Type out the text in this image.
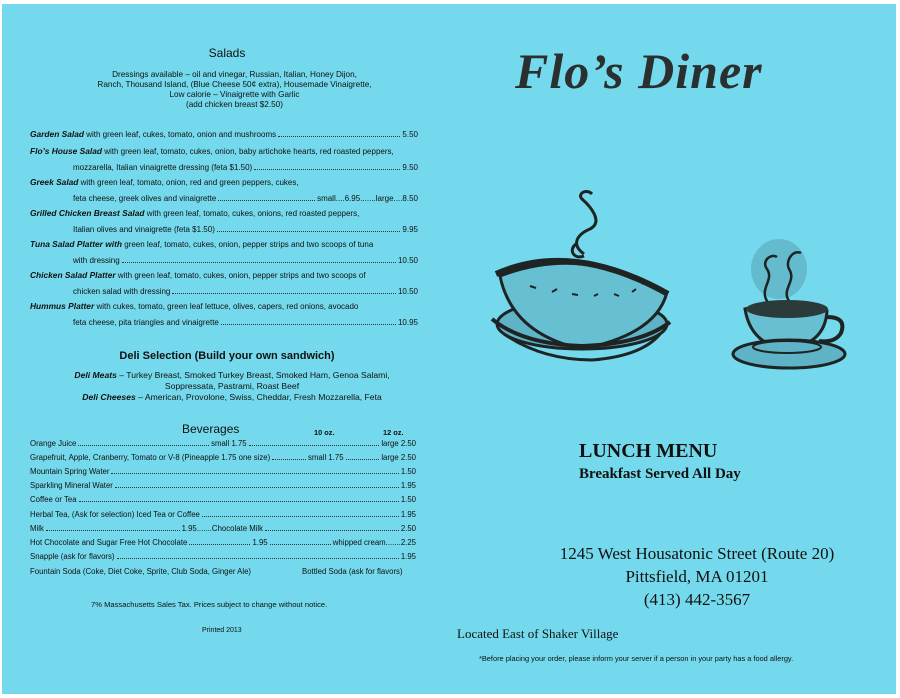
Salads
Dressings available – oil and vinegar, Russian, Italian, Honey Dijon,
Ranch, Thousand Island, (Blue Cheese 50¢ extra), Housemade Vinaigrette,
Low calorie – Vinaigrette with Garlic
(add chicken breast $2.50)
Garden Salad with green leaf, cukes, tomato, onion and mushrooms	5.50
Flo’s House Salad with green leaf, tomato, cukes, onion, baby artichoke hearts, red roasted peppers,
mozzarella, Italian vinaigrette dressing (feta $1.50)	9.50
Greek Salad with green leaf, tomato, onion, red and green peppers, cukes,
feta cheese, greek olives and vinaigrette	small....6.95.......large....8.50
Grilled Chicken Breast Salad with green leaf, tomato, cukes, onions, red roasted peppers,
Italian olives and vinaigrette (feta $1.50)	9.95
Tuna Salad Platter with green leaf, tomato, cukes, onion, pepper strips and two scoops of tuna
with dressing	10.50
Chicken Salad Platter with green leaf, tomato, cukes, onion, pepper strips and two scoops of
chicken salad with dressing	10.50
Hummus Platter with cukes, tomato, green leaf lettuce, olives, capers, red onions, avocado
feta cheese, pita triangles and vinaigrette	10.95
Deli Selection (Build your own sandwich)
Deli Meats – Turkey Breast, Smoked Turkey Breast, Smoked Ham, Genoa Salami,
Soppressata, Pastrami, Roast Beef
Deli Cheeses – American, Provolone, Swiss, Cheddar, Fresh Mozzarella, Feta
Beverages	10 oz.	12 oz.
Orange Juice	small 1.75	large 2.50
Grapefruit, Apple, Cranberry, Tomato or V-8 (Pineapple 1.75 one size)	small 1.75	large 2.50
Mountain Spring Water	1.50
Sparkling Mineral Water	1.95
Coffee or Tea	1.50
Herbal Tea, (Ask for selection) Iced Tea or Coffee	1.95
Milk	1.95.......Chocolate Milk	2.50
Hot Chocolate and Sugar Free Hot Chocolate	1.95	whipped cream.......2.25
Snapple (ask for flavors)	1.95
Fountain Soda (Coke, Diet Coke, Sprite, Club Soda, Ginger Ale)	Bottled Soda (ask for flavors)
7% Massachusetts Sales Tax. Prices subject to change without notice.
Printed 2013
Flo’s Diner
LUNCH MENU
Breakfast Served All Day
1245 West Housatonic Street (Route 20)
Pittsfield, MA 01201
(413) 442-3567
Located East of Shaker Village
*Before placing your order, please inform your server if a person in your party has a food allergy.
